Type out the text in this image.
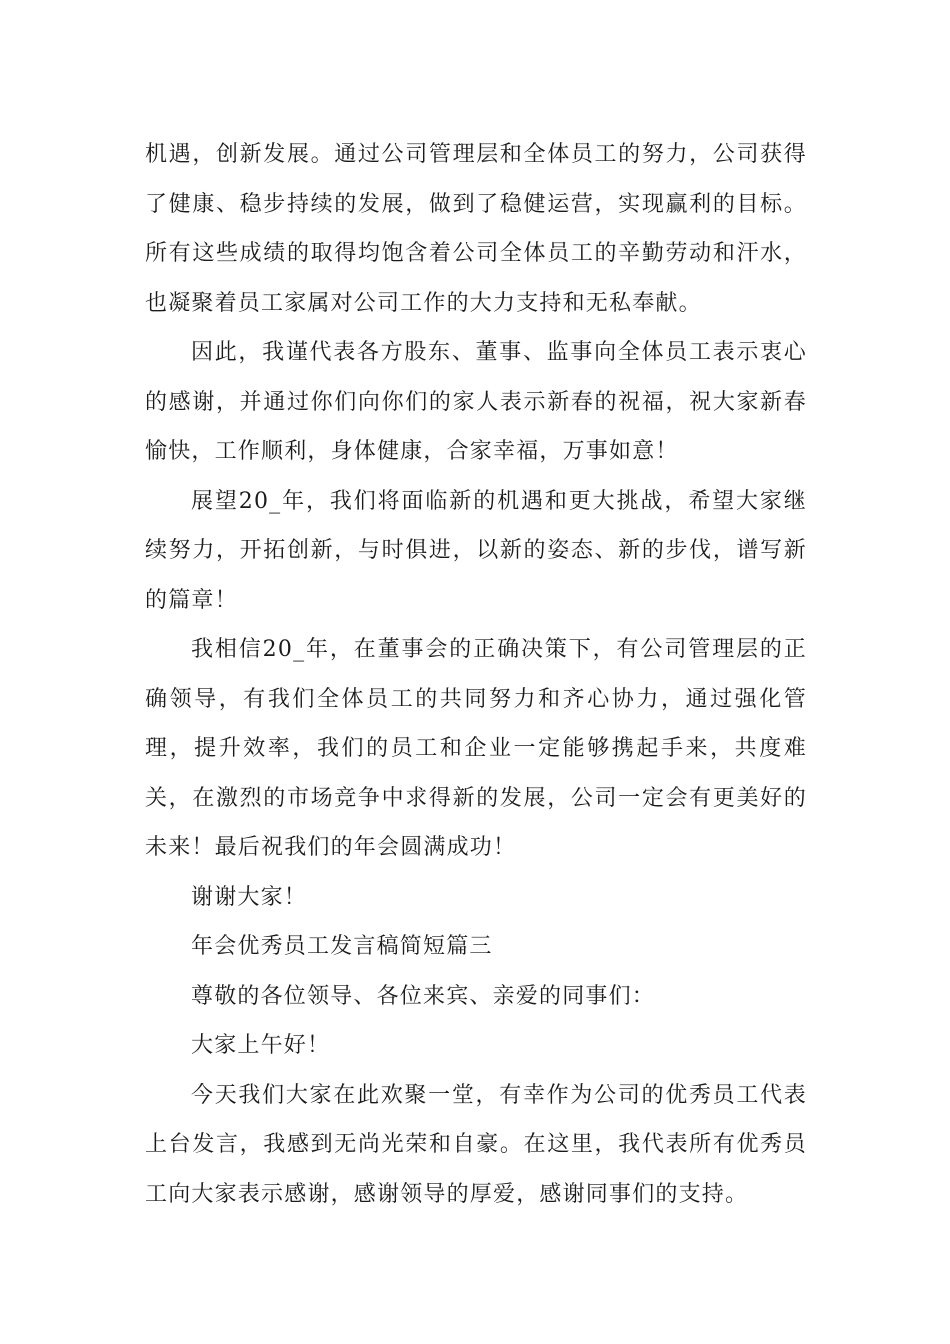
机遇，创新发展。通过公司管理层和全体员工的努力，公司获得了健康、稳步持续的发展，做到了稳健运营，实现赢利的目标。所有这些成绩的取得均饱含着公司全体员工的辛勤劳动和汗水，也凝聚着员工家属对公司工作的大力支持和无私奉献。

因此，我谨代表各方股东、董事、监事向全体员工表示衷心的感谢，并通过你们向你们的家人表示新春的祝福，祝大家新春愉快，工作顺利，身体健康，合家幸福，万事如意！

展望20_年，我们将面临新的机遇和更大挑战，希望大家继续努力，开拓创新，与时俱进，以新的姿态、新的步伐，谱写新的篇章！

我相信20_年，在董事会的正确决策下，有公司管理层的正确领导，有我们全体员工的共同努力和齐心协力，通过强化管理，提升效率，我们的员工和企业一定能够携起手来，共度难关，在激烈的市场竞争中求得新的发展，公司一定会有更美好的未来！最后祝我们的年会圆满成功！

谢谢大家！

年会优秀员工发言稿简短篇三

尊敬的各位领导、各位来宾、亲爱的同事们：

大家上午好！

今天我们大家在此欢聚一堂，有幸作为公司的优秀员工代表上台发言，我感到无尚光荣和自豪。在这里，我代表所有优秀员工向大家表示感谢，感谢领导的厚爱，感谢同事们的支持。
